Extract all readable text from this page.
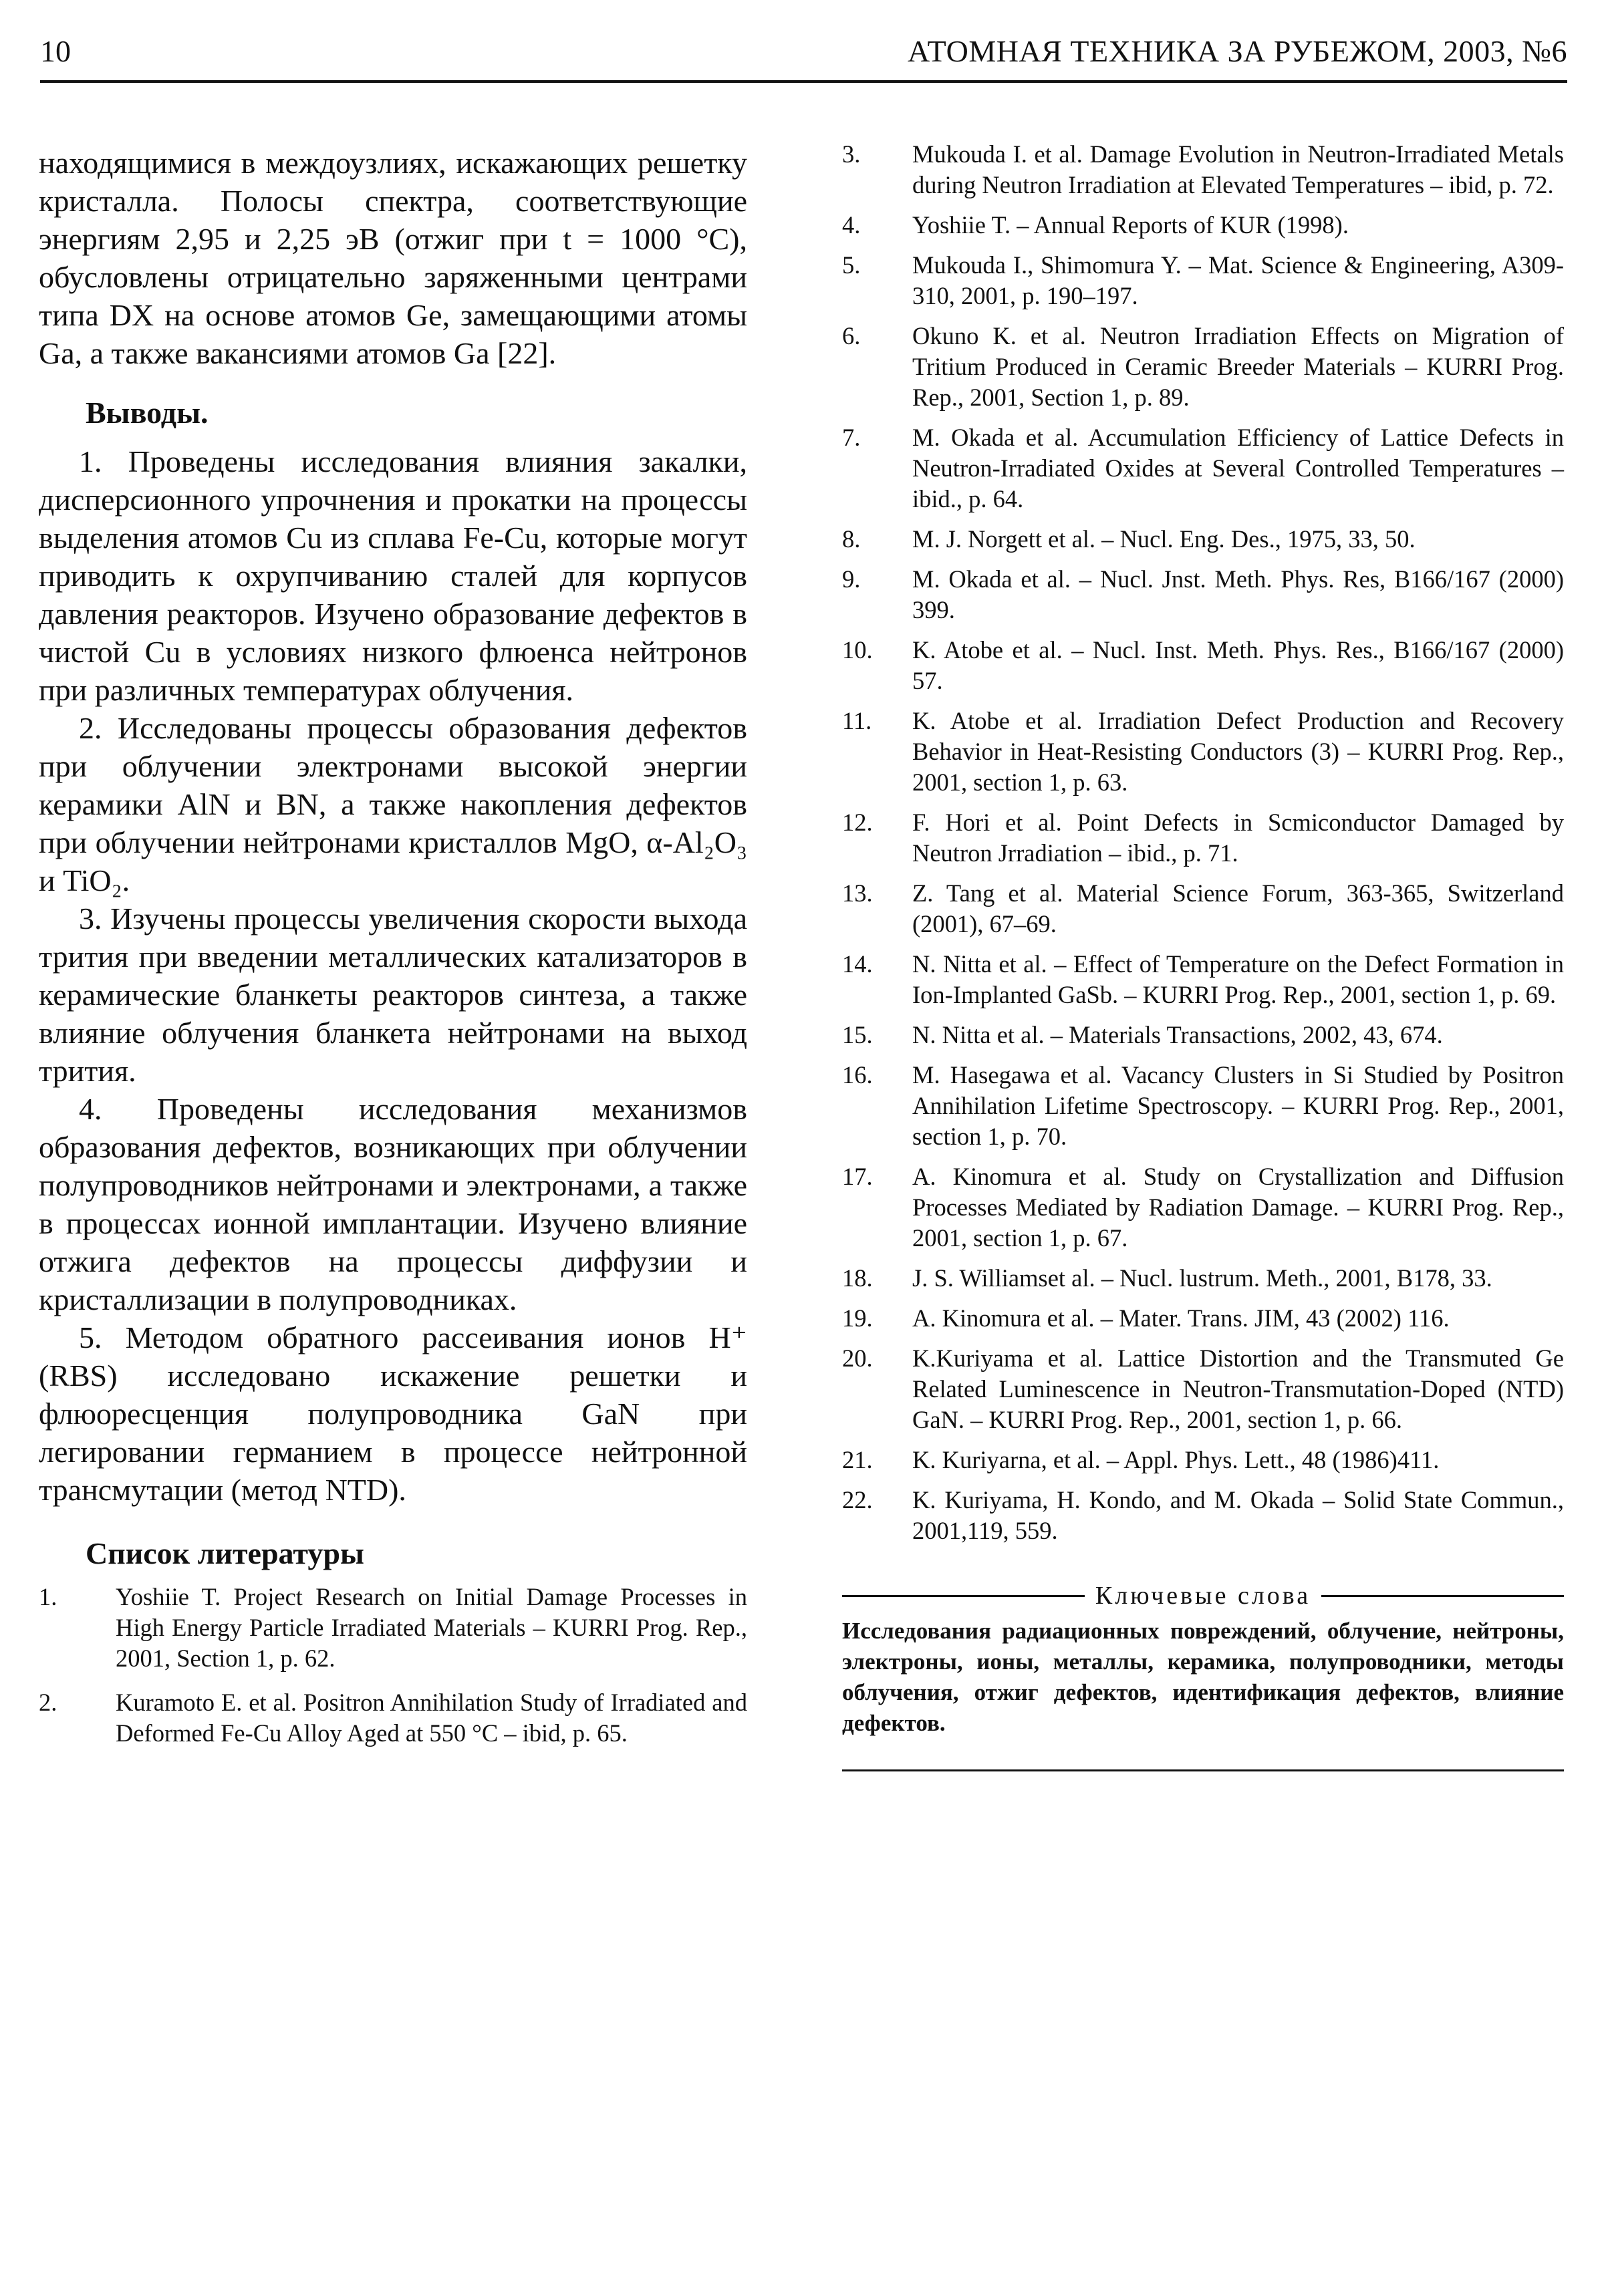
10	АТОМНАЯ ТЕХНИКА ЗА РУБЕЖОМ, 2003, №6

находящимися в междоузлиях, искажающих решетку кристалла. Полосы спектра, соответствующие энергиям 2,95 и 2,25 эВ (отжиг при t = 1000 °С), обусловлены отрицательно заряженными центрами типа DX на основе атомов Ge, замещающими атомы Ga, а также вакансиями атомов Ga [22].

Выводы.

1. Проведены исследования влияния закалки, дисперсионного упрочнения и прокатки на процессы выделения атомов Cu из сплава Fe-Cu, которые могут приводить к охрупчиванию сталей для корпусов давления реакторов. Изучено образование дефектов в чистой Cu в условиях низкого флюенса нейтронов при различных температурах облучения.

2. Исследованы процессы образования дефектов при облучении электронами высокой энергии керамики AlN и BN, а также накопления дефектов при облучении нейтронами кристаллов MgO, α-Al₂O₃ и TiO₂.

3. Изучены процессы увеличения скорости выхода трития при введении металлических катализаторов в керамические бланкеты реакторов синтеза, а также влияние облучения бланкета нейтронами на выход трития.

4. Проведены исследования механизмов образования дефектов, возникающих при облучении полупроводников нейтронами и электронами, а также в процессах ионной имплантации. Изучено влияние отжига дефектов на процессы диффузии и кристаллизации в полупроводниках.

5. Методом обратного рассеивания ионов H⁺ (RBS) исследовано искажение решетки и флюоресценция полупроводника GaN при легировании германием в процессе нейтронной трансмутации (метод NTD).

Список литературы
1.	Yoshiie T. Project Research on Initial Damage Processes in High Energy Particle Irradiated Materials – KURRI Prog. Rep., 2001, Section 1, p. 62.
2.	Kuramoto E. et al. Positron Annihilation Study of Irradiated and Deformed Fe-Cu Alloy Aged at 550 °C – ibid, p. 65.
3.	Mukouda I. et al. Damage Evolution in Neutron-Irradiated Metals during Neutron Irradiation at Elevated Temperatures – ibid, p. 72.
4.	Yoshiie T. – Annual Reports of KUR (1998).
5.	Mukouda I., Shimomura Y. – Mat. Science & Engineering, A309-310, 2001, p. 190–197.
6.	Okuno K. et al. Neutron Irradiation Effects on Migration of Tritium Produced in Ceramic Breeder Materials – KURRI Prog. Rep., 2001, Section 1, p. 89.
7.	M. Okada et al. Accumulation Efficiency of Lattice Defects in Neutron-Irradiated Oxides at Several Controlled Temperatures – ibid., p. 64.
8.	M. J. Norgett et al. – Nucl. Eng. Des., 1975, 33, 50.
9.	M. Okada et al. – Nucl. Jnst. Meth. Phys. Res, B166/167 (2000) 399.
10.	K. Atobe et al. – Nucl. Inst. Meth. Phys. Res., B166/167 (2000) 57.
11.	K. Atobe et al. Irradiation Defect Production and Recovery Behavior in Heat-Resisting Conductors (3) – KURRI Prog. Rep., 2001, section 1, p. 63.
12.	F. Hori et al. Point Defects in Scmiconductor Damaged by Neutron Jrradiation – ibid., p. 71.
13.	Z. Tang et al. Material Science Forum, 363-365, Switzerland (2001), 67–69.
14.	N. Nitta et al. – Effect of Temperature on the Defect Formation in Ion-Implanted GaSb. – KURRI Prog. Rep., 2001, section 1, p. 69.
15.	N. Nitta et al. – Materials Transactions, 2002, 43, 674.
16.	M. Hasegawa et al. Vacancy Clusters in Si Studied by Positron Annihilation Lifetime Spectroscopy. – KURRI Prog. Rep., 2001, section 1, p. 70.
17.	A. Kinomura et al. Study on Crystallization and Diffusion Processes Mediated by Radiation Damage. – KURRI Prog. Rep., 2001, section 1, p. 67.
18.	J. S. Williamset al. – Nucl. lustrum. Meth., 2001, B178, 33.
19.	A. Kinomura et al. – Mater. Trans. JIM, 43 (2002) 116.
20.	K.Kuriyama et al. Lattice Distortion and the Transmuted Ge Related Luminescence in Neutron-Transmutation-Doped (NTD) GaN. – KURRI Prog. Rep., 2001, section 1, p. 66.
21.	K. Kuriyarna, et al. – Appl. Phys. Lett., 48 (1986)411.
22.	K. Kuriyama, H. Kondo, and M. Okada – Solid State Commun., 2001,119, 559.
Ключевые слова
Исследования радиационных повреждений, облучение, нейтроны, электроны, ионы, металлы, керамика, полупроводники, методы облучения, отжиг дефектов, идентификация дефектов, влияние дефектов.
